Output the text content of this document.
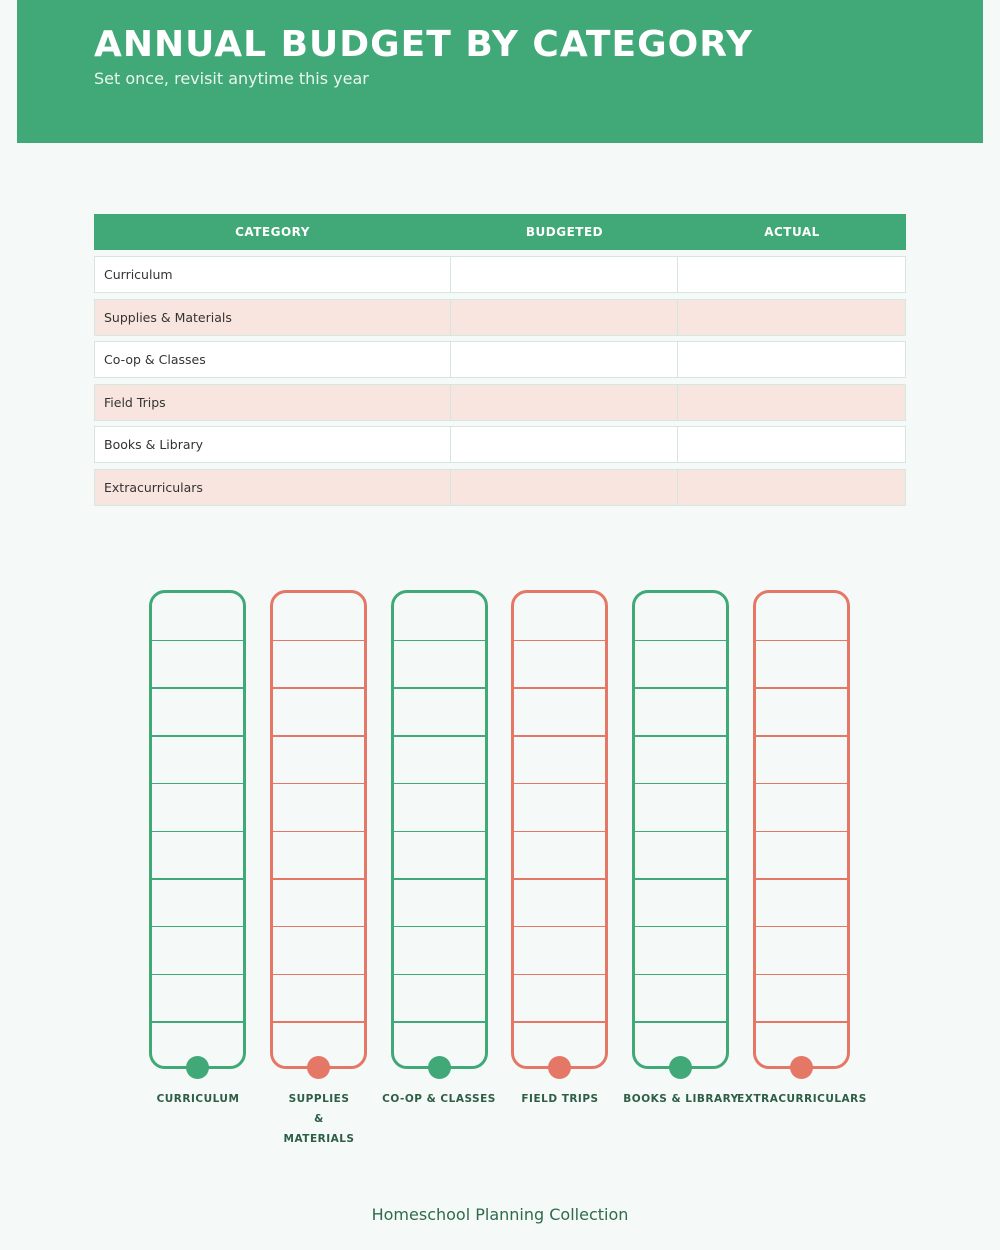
ANNUAL BUDGET BY CATEGORY
Set once, revisit anytime this year
CATEGORY	BUDGETED	ACTUAL
Curriculum
Supplies & Materials
Co-op & Classes
Field Trips
Books & Library
Extracurriculars
CURRICULUM	SUPPLIES & MATERIALS
CO-OP & CLASSES	FIELD TRIPS	BOOKS & LIBRARY
EXTRACURRICULARS
Homeschool Planning Collection
